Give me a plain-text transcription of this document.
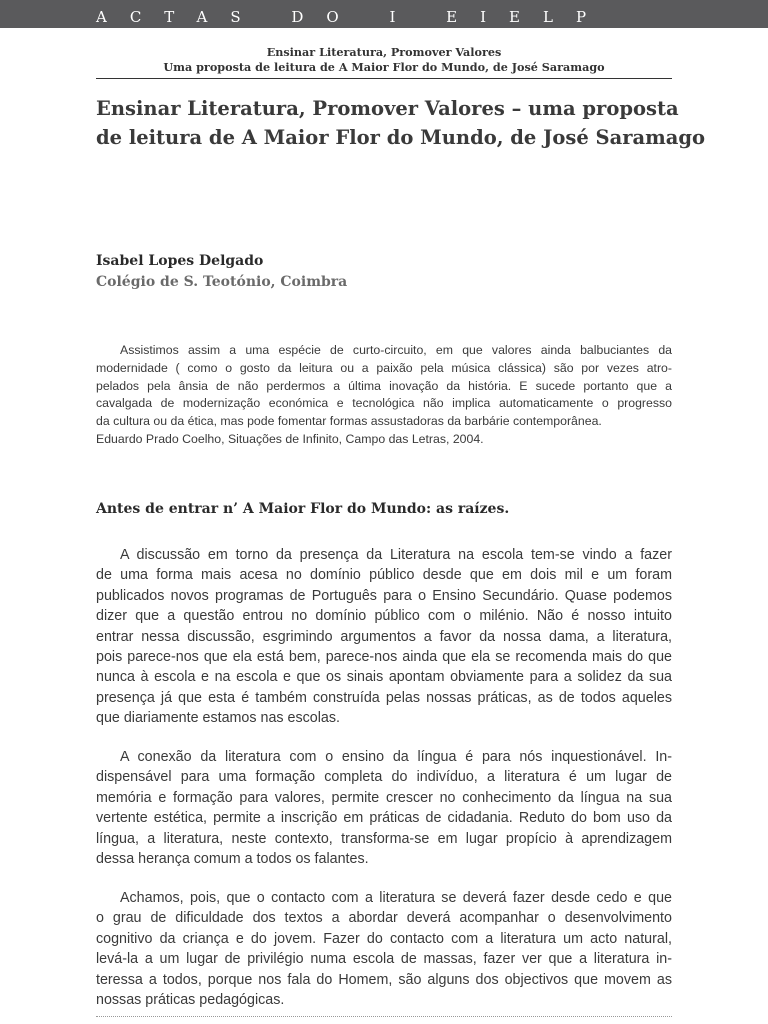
ACTAS DO I EIELP
Ensinar Literatura, Promover Valores
Uma proposta de leitura de A Maior Flor do Mundo, de José Saramago
Ensinar Literatura, Promover Valores – uma proposta
de leitura de A Maior Flor do Mundo, de José Saramago
Isabel Lopes Delgado
Colégio de S. Teotónio, Coimbra
Assistimos assim a uma espécie de curto-circuito, em que valores ainda balbuciantes da
modernidade ( como o gosto da leitura ou a paixão pela música clássica) são por vezes atro-
pelados pela ânsia de não perdermos a última inovação da história. E sucede portanto que a
cavalgada de modernização económica e tecnológica não implica automaticamente o progresso
da cultura ou da ética, mas pode fomentar formas assustadoras da barbárie contemporânea.
Eduardo Prado Coelho, Situações de Infinito, Campo das Letras, 2004.
Antes de entrar n’ A Maior Flor do Mundo: as raízes.
A discussão em torno da presença da Literatura na escola tem-se vindo a fazer
de uma forma mais acesa no domínio público desde que em dois mil e um foram
publicados novos programas de Português para o Ensino Secundário. Quase podemos
dizer que a questão entrou no domínio público com o milénio. Não é nosso intuito
entrar nessa discussão, esgrimindo argumentos a favor da nossa dama, a literatura,
pois parece-nos que ela está bem, parece-nos ainda que ela se recomenda mais do que
nunca à escola e na escola e que os sinais apontam obviamente para a solidez da sua
presença já que esta é também construída pelas nossas práticas, as de todos aqueles
que diariamente estamos nas escolas.
A conexão da literatura com o ensino da língua é para nós inquestionável. In-
dispensável para uma formação completa do indivíduo, a literatura é um lugar de
memória e formação para valores, permite crescer no conhecimento da língua na sua
vertente estética, permite a inscrição em práticas de cidadania. Reduto do bom uso da
língua, a literatura, neste contexto, transforma-se em lugar propício à aprendizagem
dessa herança comum a todos os falantes.
Achamos, pois, que o contacto com a literatura se deverá fazer desde cedo e que
o grau de dificuldade dos textos a abordar deverá acompanhar o desenvolvimento
cognitivo da criança e do jovem. Fazer do contacto com a literatura um acto natural,
levá-la a um lugar de privilégio numa escola de massas, fazer ver que a literatura in-
teressa a todos, porque nos fala do Homem, são alguns dos objectivos que movem as
nossas práticas pedagógicas.
